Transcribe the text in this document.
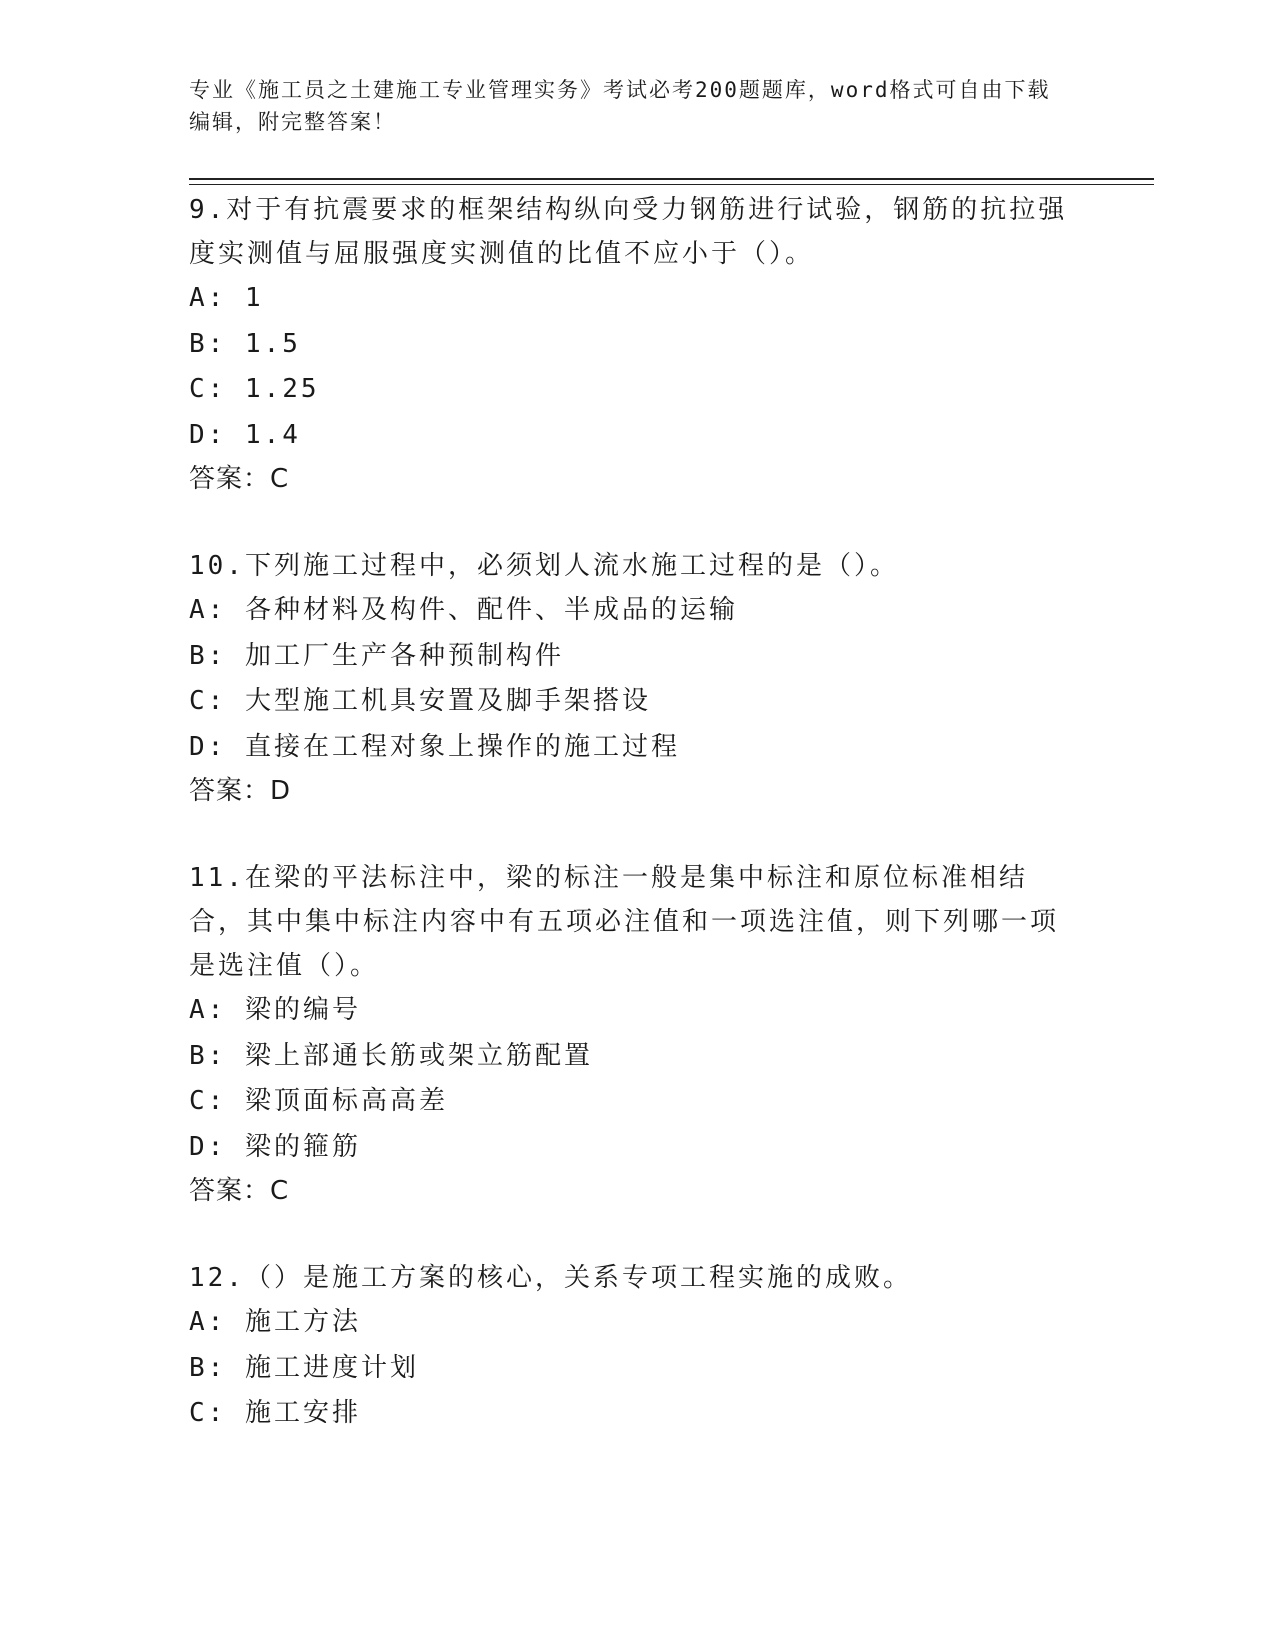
专业《施工员之土建施工专业管理实务》考试必考200题题库，word格式可自由下载编辑，附完整答案！

9.对于有抗震要求的框架结构纵向受力钢筋进行试验，钢筋的抗拉强度实测值与屈服强度实测值的比值不应小于（）。

A: 1

B: 1.5

C: 1.25

D: 1.4

答案：C

10.下列施工过程中，必须划人流水施工过程的是（）。

A: 各种材料及构件、配件、半成品的运输

B: 加工厂生产各种预制构件

C: 大型施工机具安置及脚手架搭设

D: 直接在工程对象上操作的施工过程

答案：D

11.在梁的平法标注中，梁的标注一般是集中标注和原位标准相结合，其中集中标注内容中有五项必注值和一项选注值，则下列哪一项是选注值（）。

A: 梁的编号

B: 梁上部通长筋或架立筋配置

C: 梁顶面标高高差

D: 梁的箍筋

答案：C

12.（）是施工方案的核心，关系专项工程实施的成败。

A: 施工方法

B: 施工进度计划

C: 施工安排
